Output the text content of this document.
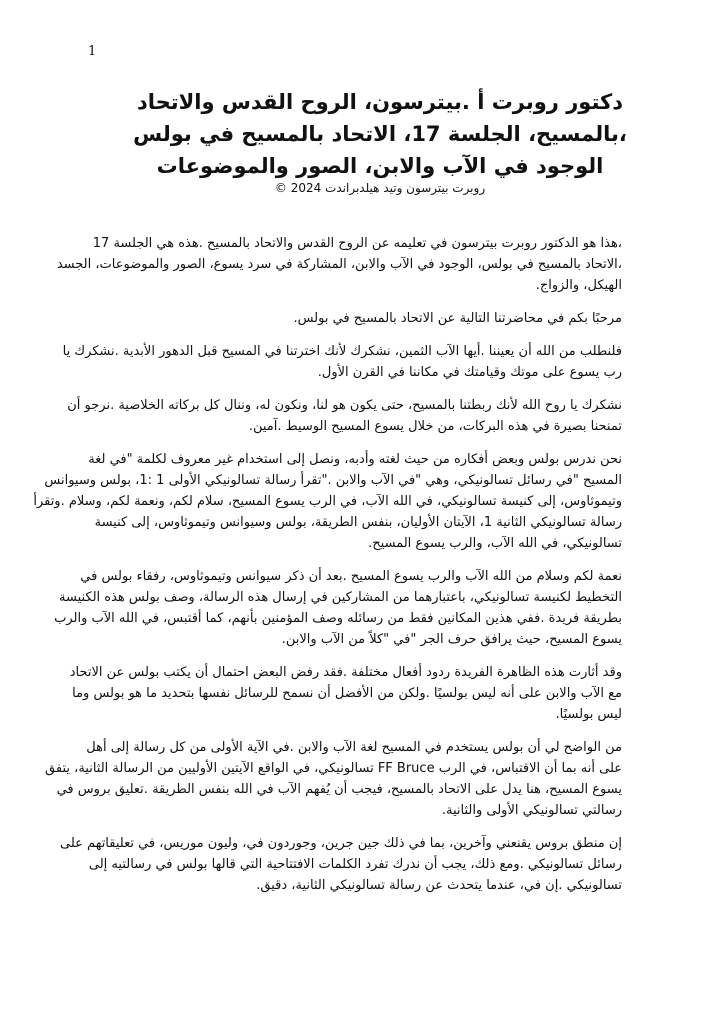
1
دكتور روبرت أ .بيترسون، الروح القدس والاتحاد
،بالمسيح، الجلسة 17، الاتحاد بالمسيح في بولس
الوجود في الآب والابن، الصور والموضوعات
روبرت بيترسون وتيد هيلدبراندت 2024 ©
،هذا هو الدكتور روبرت بيترسون في تعليمه عن الروح القدس والاتحاد بالمسيح .هذه هي الجلسة 17
،الاتحاد بالمسيح في بولس، الوجود في الآب والابن، المشاركة في سرد يسوع، الصور والموضوعات، الجسد
الهيكل، والزواج.
مرحبًا بكم في محاضرتنا التالية عن الاتحاد بالمسيح في بولس.
فلنطلب من الله أن يعيننا .أيها الآب الثمين، نشكرك لأنك اخترتنا في المسيح قبل الدهور الأبدية .نشكرك يا
رب يسوع على موتك وقيامتك في مكاننا في القرن الأول.
نشكرك يا روح الله لأنك ربطتنا بالمسيح، حتى يكون هو لنا، ونكون له، وننال كل بركاته الخلاصية .نرجو أن
تمنحنا بصيرة في هذه البركات، من خلال يسوع المسيح الوسيط .آمين.
نحن ندرس بولس وبعض أفكاره من حيث لغته وأدبه، ونصل إلى استخدام غير معروف لكلمة "في لغة
المسيح "في رسائل تسالونيكي، وهي "في الآب والابن ."تقرأ رسالة تسالونيكي الأولى 1 :1، بولس وسيوانس
وتيموثاوس، إلى كنيسة تسالونيكي، في الله الآب، في الرب يسوع المسيح، سلام لكم، ونعمة لكم، وسلام .وتقرأ
رسالة تسالونيكي الثانية 1، الآيتان الأوليان، بنفس الطريقة، بولس وسيوانس وتيموثاوس، إلى كنيسة
تسالونيكي، في الله الآب، والرب يسوع المسيح.
نعمة لكم وسلام من الله الآب والرب يسوع المسيح .بعد أن ذكر سيوانس وتيموثاوس، رفقاء بولس في
التخطيط لكنيسة تسالونيكي، باعتبارهما من المشاركين في إرسال هذه الرسالة، وصف بولس هذه الكنيسة
بطريقة فريدة .ففي هذين المكانين فقط من رسائله وصف المؤمنين بأنهم، كما أقتبس، في الله الآب والرب
يسوع المسيح، حيث يرافق حرف الجر "في "كلاً من الآب والابن.
وقد أثارت هذه الظاهرة الفريدة ردود أفعال مختلفة .فقد رفض البعض احتمال أن يكتب بولس عن الاتحاد
مع الآب والابن على أنه ليس بولسيًا .ولكن من الأفضل أن نسمح للرسائل نفسها بتحديد ما هو بولس وما
ليس بولسيًا.
من الواضح لي أن بولس يستخدم في المسيح لغة الآب والابن .في الآية الأولى من كل رسالة إلى أهل
على أنه بما أن الاقتباس، في الرب FF Bruce تسالونيكي، في الواقع الآيتين الأوليين من الرسالة الثانية، يتفق
يسوع المسيح، هنا يدل على الاتحاد بالمسيح، فيجب أن يُفهم الآب في الله بنفس الطريقة .تعليق بروس في
رسالتي تسالونيكي الأولى والثانية.
إن منطق بروس يقنعني وآخرين، بما في ذلك جين جرين، وجوردون في، وليون موريس، في تعليقاتهم على
رسائل تسالونيكي .ومع ذلك، يجب أن ندرك تفرد الكلمات الافتتاحية التي قالها بولس في رسالتيه إلى
تسالونيكي .إن في، عندما يتحدث عن رسالة تسالونيكي الثانية، دقيق.
